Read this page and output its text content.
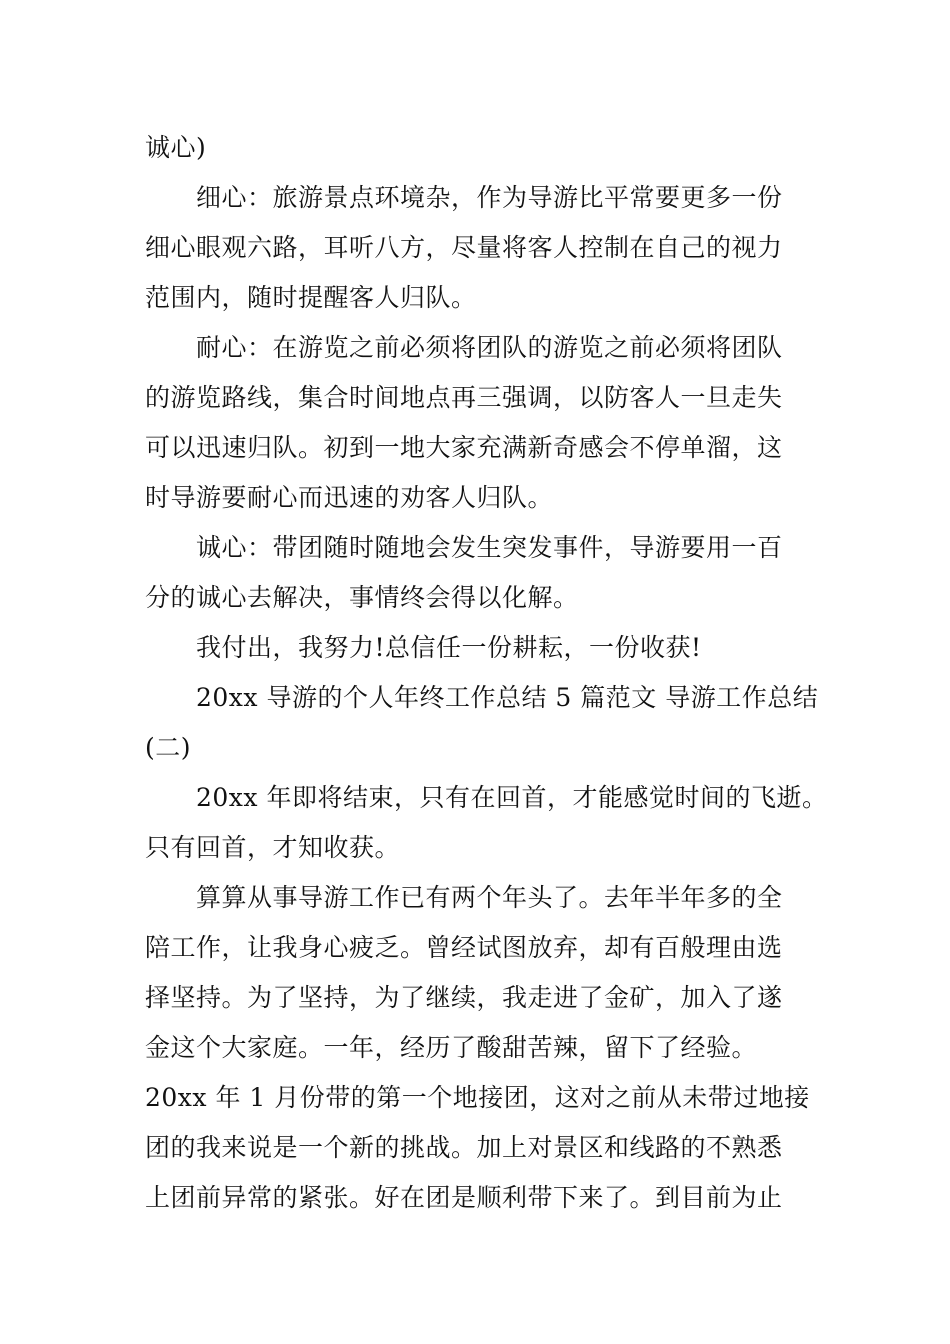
诚心)
细心：旅游景点环境杂，作为导游比平常要更多一份
细心眼观六路，耳听八方，尽量将客人控制在自己的视力
范围内，随时提醒客人归队。
耐心：在游览之前必须将团队的游览之前必须将团队
的游览路线，集合时间地点再三强调，以防客人一旦走失
可以迅速归队。初到一地大家充满新奇感会不停单溜，这
时导游要耐心而迅速的劝客人归队。
诚心：带团随时随地会发生突发事件，导游要用一百
分的诚心去解决，事情终会得以化解。
我付出，我努力!总信任一份耕耘，一份收获!
20xx 导游的个人年终工作总结 5 篇范文 导游工作总结
(二)
20xx 年即将结束，只有在回首，才能感觉时间的飞逝。
只有回首，才知收获。
算算从事导游工作已有两个年头了。去年半年多的全
陪工作，让我身心疲乏。曾经试图放弃，却有百般理由选
择坚持。为了坚持，为了继续，我走进了金矿，加入了遂
金这个大家庭。一年，经历了酸甜苦辣，留下了经验。
20xx 年 1 月份带的第一个地接团，这对之前从未带过地接
团的我来说是一个新的挑战。加上对景区和线路的不熟悉
上团前异常的紧张。好在团是顺利带下来了。到目前为止
